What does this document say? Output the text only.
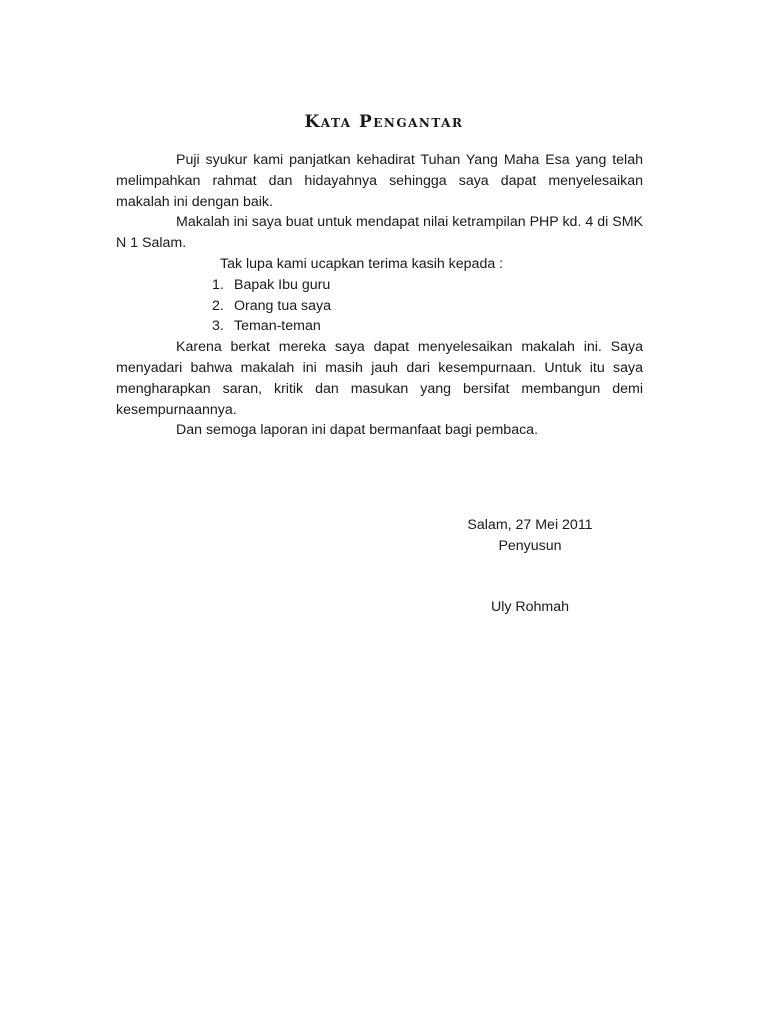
Kata Pengantar

Puji syukur kami panjatkan kehadirat Tuhan Yang Maha Esa yang telah melimpahkan rahmat dan hidayahnya sehingga saya dapat menyelesaikan makalah ini dengan baik.

Makalah ini saya buat untuk mendapat nilai ketrampilan PHP kd. 4 di SMK N 1 Salam.

Tak lupa kami ucapkan terima kasih kepada :

1. Bapak Ibu guru
2. Orang tua saya
3. Teman-teman

Karena berkat mereka saya dapat menyelesaikan makalah ini. Saya menyadari bahwa makalah ini masih jauh dari kesempurnaan. Untuk itu saya mengharapkan saran, kritik dan masukan yang bersifat membangun demi kesempurnaannya.

Dan semoga laporan ini dapat bermanfaat bagi pembaca.

Salam, 27 Mei 2011
Penyusun
Uly Rohmah
